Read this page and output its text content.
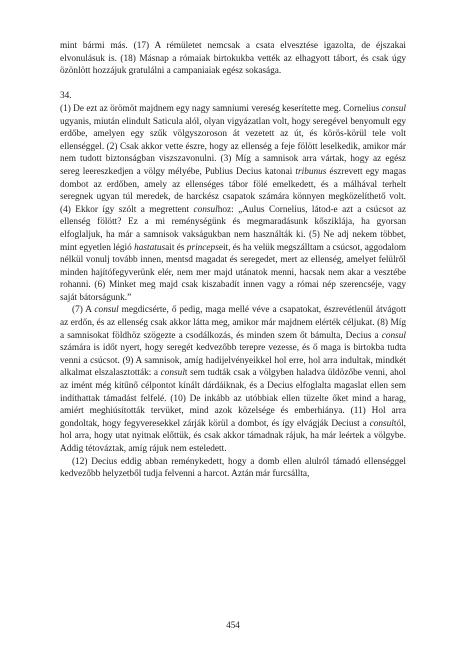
mint bármi más. (17) A rémületet nemcsak a csata elvesztése igazolta, de éjszakai elvonulásuk is. (18) Másnap a rómaiak birtokukba vették az elhagyott tábort, és csak úgy özönlött hozzájuk gratulálni a campaniaiak egész sokasága.

34.

(1) De ezt az örömöt majdnem egy nagy samniumi vereség keserítette meg. Cornelius consul ugyanis, miután elindult Saticula alól, olyan vigyázatlan volt, hogy seregével benyomult egy erdőbe, amelyen egy szűk völgyszoroson át vezetett az út, és körös-körül tele volt ellenséggel. (2) Csak akkor vette észre, hogy az ellenség a feje fölött leselkedik, amikor már nem tudott biztonságban viszszavonulni. (3) Míg a samnisok arra vártak, hogy az egész sereg leereszkedjen a völgy mélyébe, Publius Decius katonai tribunus észrevett egy magas dombot az erdőben, amely az ellenséges tábor fölé emelkedett, és a málhával terhelt seregnek ugyan túl meredek, de harckész csapatok számára könnyen megközelíthető volt. (4) Ekkor így szólt a megrettent consulhoz: „Aulus Cornelius, látod-e azt a csúcsot az ellenség fölött? Ez a mi reménységünk és megmaradásunk kősziklája, ha gyorsan elfoglaljuk, ha már a samnisok vakságukban nem használták ki. (5) Ne adj nekem többet, mint egyetlen légió hastatusait és princepseit, és ha velük megszálltam a csúcsot, aggodalom nélkül vonulj tovább innen, mentsd magadat és seregedet, mert az ellenség, amelyet felülről minden hajítófegyverünk elér, nem mer majd utánatok menni, hacsak nem akar a vesztébe rohanni. (6) Minket meg majd csak kiszabadít innen vagy a római nép szerencséje, vagy saját bátorságunk.”

(7) A consul megdicsérte, ő pedig, maga mellé véve a csapatokat, észrevétlenül átvágott az erdőn, és az ellenség csak akkor látta meg, amikor már majdnem elérték céljukat. (8) Míg a samnisokat földhöz szögezte a csodálkozás, és minden szem őt bámulta, Decius a consul számára is időt nyert, hogy seregét kedvezőbb terepre vezesse, és ő maga is birtokba tudta venni a csúcsot. (9) A samnisok, amíg hadijelvényeikkel hol erre, hol arra indultak, mindkét alkalmat elszalasztották: a consult sem tudták csak a völgyben haladva üldözőbe venni, ahol az imént még kitűnő célpontot kínált dárdáiknak, és a Decius elfoglalta magaslat ellen sem indíthattak támadást felfelé. (10) De inkább az utóbbiak ellen tüzelte őket mind a harag, amiért meghiúsították tervüket, mind azok közelsége és emberhiánya. (11) Hol arra gondoltak, hogy fegyveresekkel zárják körül a dombot, és így elvágják Deciust a consultól, hol arra, hogy utat nyitnak előttük, és csak akkor támadnak rájuk, ha már leértek a völgybe. Addig tétováztak, amíg rájuk nem esteledett.

(12) Decius eddig abban reménykedett, hogy a domb ellen alulról támadó ellenséggel kedvezőbb helyzetből tudja felvenni a harcot. Aztán már furcsállta,

454
